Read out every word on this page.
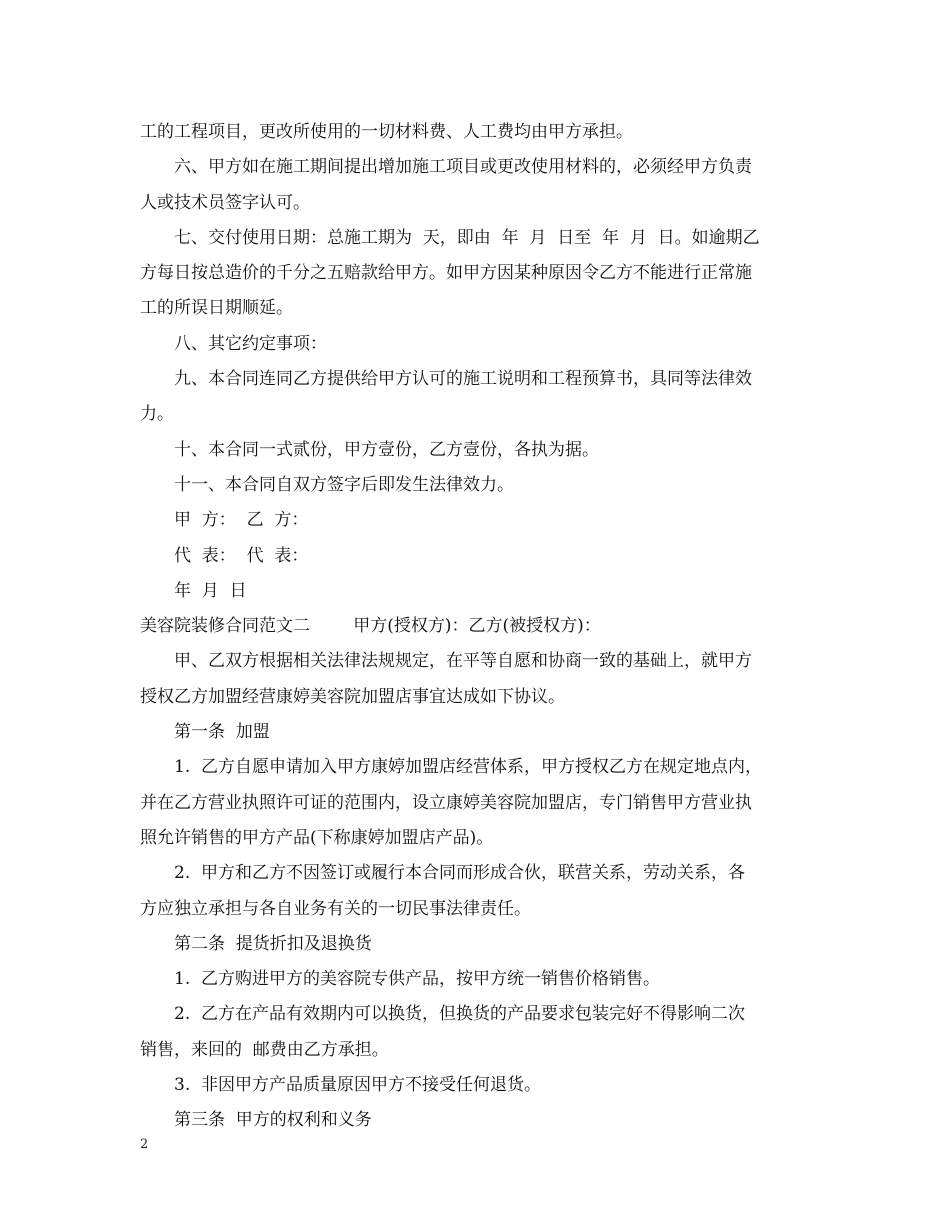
工的工程项目，更改所使用的一切材料费、人工费均由甲方承担。
六、甲方如在施工期间提出增加施工项目或更改使用材料的，必须经甲方负责
人或技术员签字认可。
七、交付使用日期：总施工期为  天，即由  年  月  日至  年  月  日。如逾期乙
方每日按总造价的千分之五赔款给甲方。如甲方因某种原因令乙方不能进行正常施
工的所误日期顺延。
八、其它约定事项：
九、本合同连同乙方提供给甲方认可的施工说明和工程预算书，具同等法律效
力。
十、本合同一式贰份，甲方壹份，乙方壹份，各执为据。
十一、本合同自双方签字后即发生法律效力。
甲  方：  乙  方：
代  表：  代  表：
年  月  日
美容院装修合同范文二        甲方(授权方)：乙方(被授权方)：
甲、乙双方根据相关法律法规规定，在平等自愿和协商一致的基础上，就甲方
授权乙方加盟经营康婷美容院加盟店事宜达成如下协议。
第一条  加盟
1.  乙方自愿申请加入甲方康婷加盟店经营体系，甲方授权乙方在规定地点内，
并在乙方营业执照许可证的范围内，设立康婷美容院加盟店，专门销售甲方营业执
照允许销售的甲方产品(下称康婷加盟店产品)。
2.  甲方和乙方不因签订或履行本合同而形成合伙，联营关系，劳动关系，各
方应独立承担与各自业务有关的一切民事法律责任。
第二条  提货折扣及退换货
1.  乙方购进甲方的美容院专供产品，按甲方统一销售价格销售。
2.  乙方在产品有效期内可以换货，但换货的产品要求包装完好不得影响二次
销售，来回的  邮费由乙方承担。
3.  非因甲方产品质量原因甲方不接受任何退货。
第三条  甲方的权利和义务
2
